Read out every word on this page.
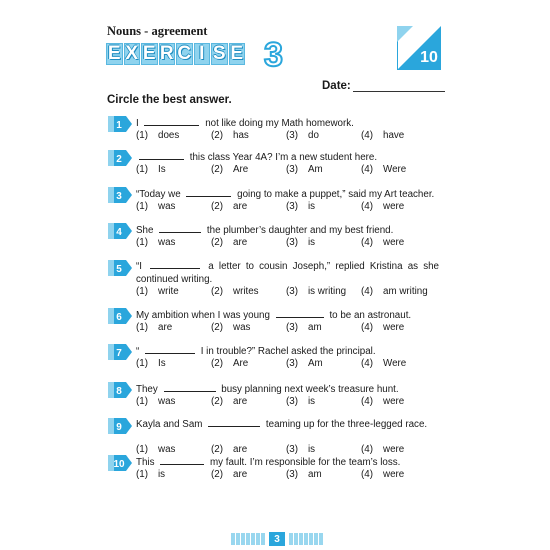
Nouns - agreement
E X E R C I S E 3	10
Date:
Circle the best answer.
1 I	not like doing my Math homework.
(1) does	(2) has	(3) do	(4) have
2	this class Year 4A? I’m a new student here.
(1) Is	(2) Are	(3) Am	(4) Were
3 “Today we	going to make a puppet,” said my Art teacher.
(1) was	(2) are	(3) is	(4) were
4 She	the plumber’s daughter and my best friend.
(1) was	(2) are	(3) is	(4) were
5 “I	a letter to cousin Joseph,” replied Kristina as she continued writing.
(1) write	(2) writes	(3) is writing	(4) am writing
6 My ambition when I was young	to be an astronaut.
(1) are	(2) was	(3) am	(4) were
7 “	I in trouble?” Rachel asked the principal.
(1) Is	(2) Are	(3) Am	(4) Were
8 They	busy planning next week’s treasure hunt.
(1) was	(2) are	(3) is	(4) were
9 Kayla and Sam	teaming up for the three-legged race.
(1) was	(2) are	(3) is	(4) were
10 This	my fault. I’m responsible for the team’s loss.
(1) is	(2) are	(3) am	(4) were
3
